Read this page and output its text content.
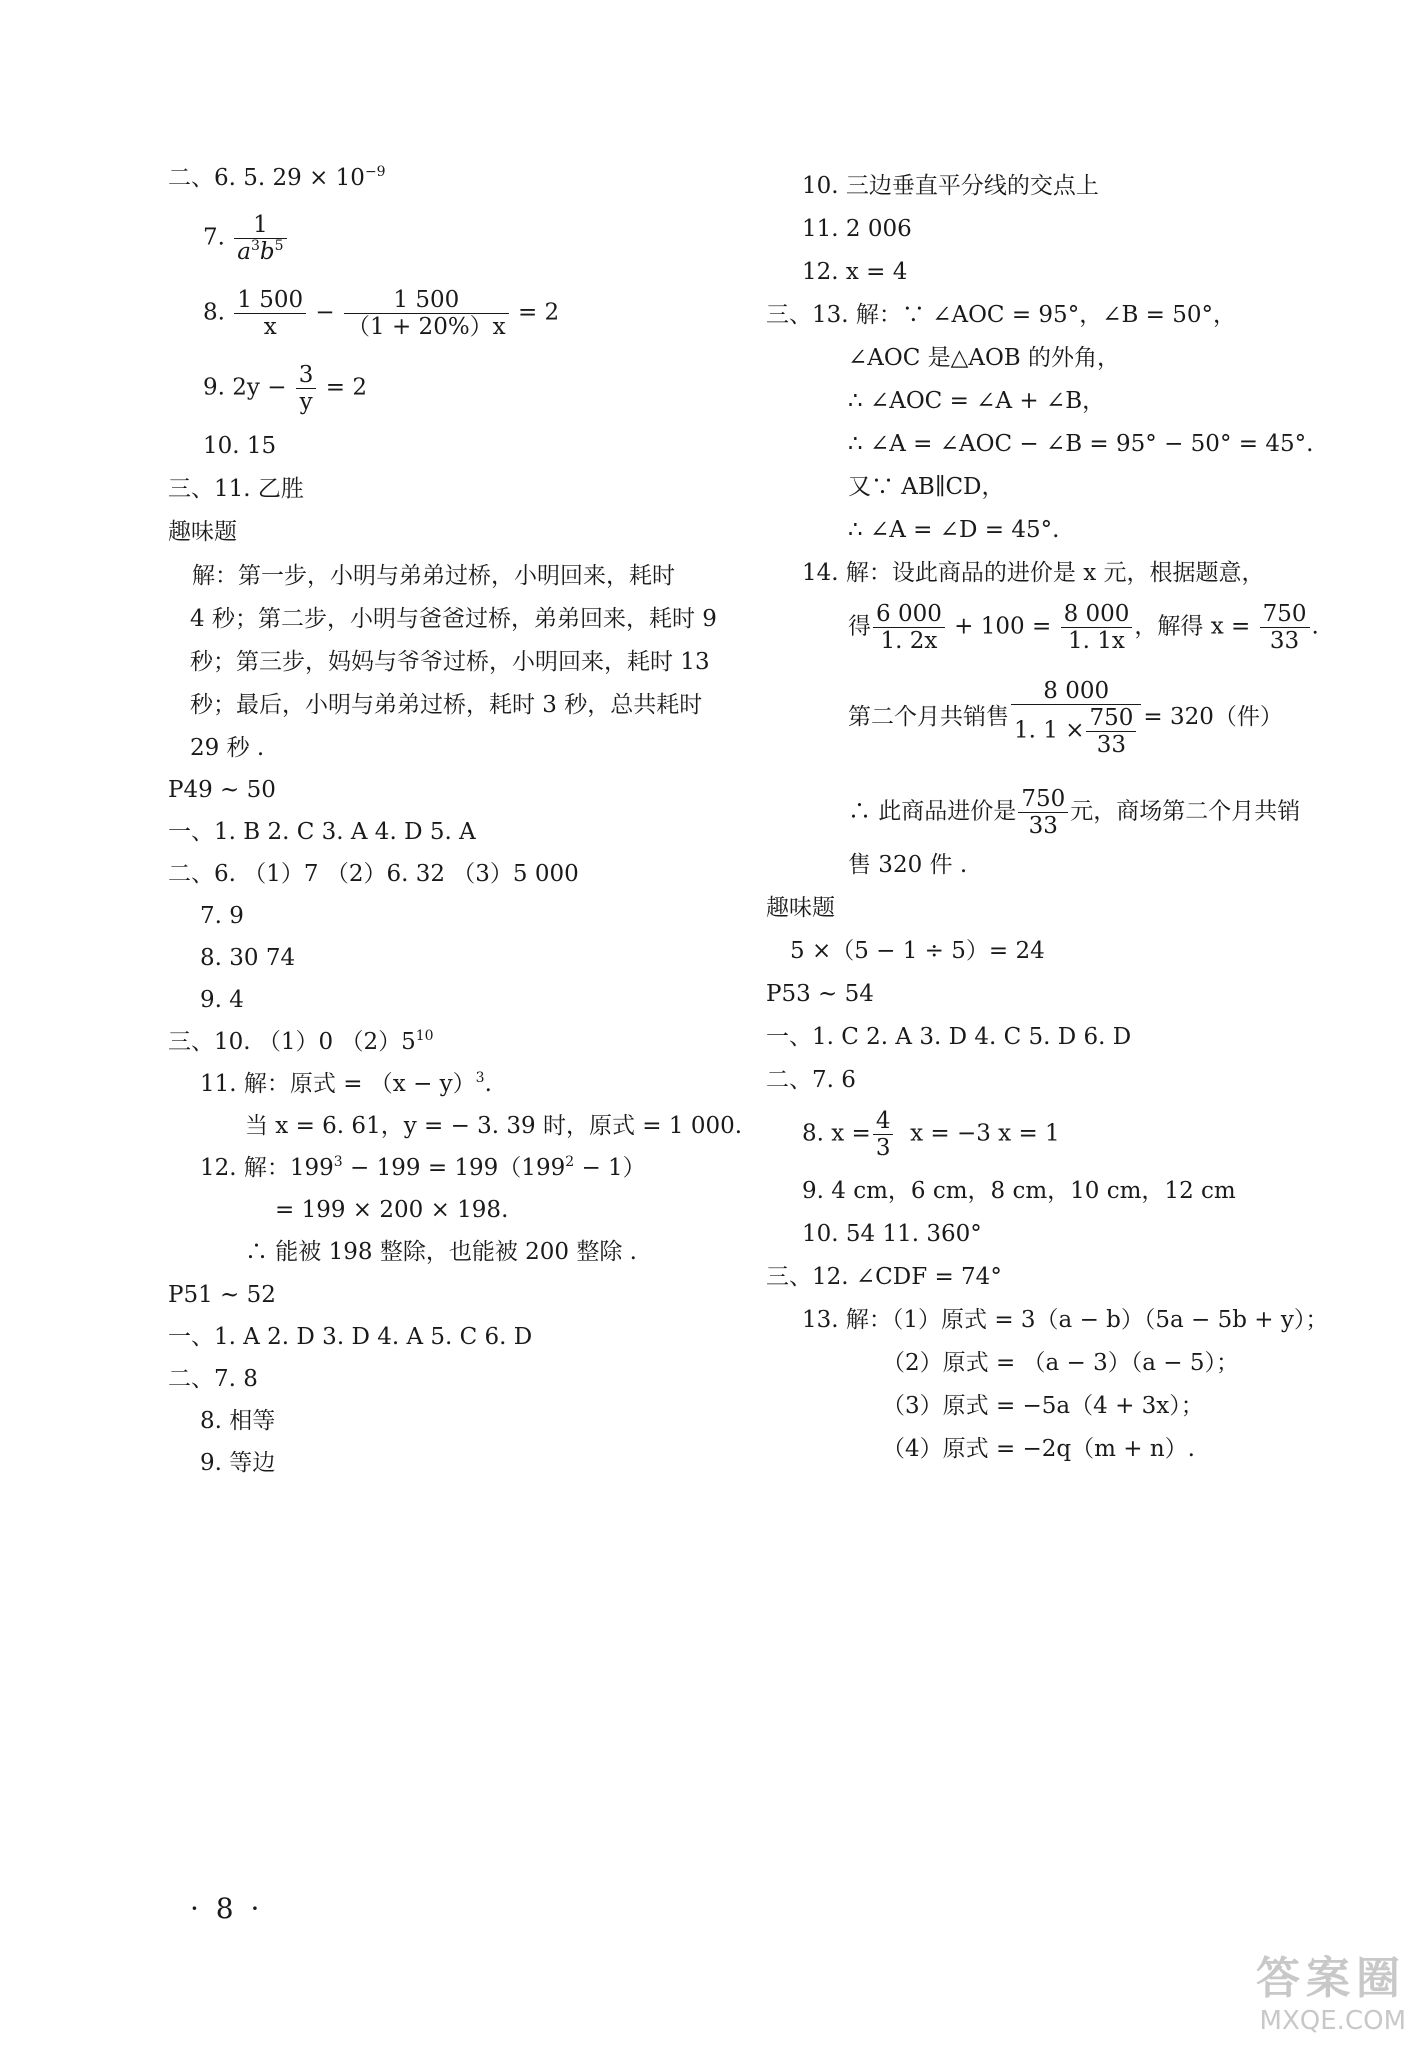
二、6. 5. $29 \times 10^{-9}$
7. $\frac{1}{a^3b^5}$
8. $\frac{1 500}{x} - \frac{1 500}{(1 + 20\%)x} = 2$
9. $2y - \frac{3}{y} = 2$
10. 15
三、11. 乙胜
趣味题
解：第一步，小明与弟弟过桥，小明回来，耗时
4 秒；第二步，小明与爸爸过桥，弟弟回来，耗时 9
秒；第三步，妈妈与爷爷过桥，小明回来，耗时 13
秒；最后，小明与弟弟过桥，耗时 3 秒，总共耗时
29 秒 .
P49 ~ 50
一、1. B 2. C 3. A 4. D 5. A
二、6. （1）7 （2）6. 32 （3）5 000
7. 9
8. 30 74
9. 4
三、10. （1）0 $(2)5^{10}$
11. 解：原式 = $(x - y)^3$.
当 x = 6. 61，y = − 3. 39 时，原式 = 1 000.
12. 解：$199^3 - 199 = 199(199^2 - 1)$
= 199 × 200 × 198.
∴ 能被 198 整除，也能被 200 整除 .
P51 ~ 52
一、1. A 2. D 3. D 4. A 5. C 6. D
二、7. 8
8. 相等
9. 等边
10. 三边垂直平分线的交点上
11. 2 006
12. x = 4
三、13. 解：∵ ∠AOC = 95°，∠B = 50°，
∠AOC 是△AOB 的外角，
∴ ∠AOC = ∠A + ∠B，
∴ ∠A = ∠AOC − ∠B = 95° − 50° = 45°.
又∵ AB∥CD，
∴ ∠A = ∠D = 45°.
14. 解：设此商品的进价是 x 元，根据题意，
得 $\frac{6 000}{1. 2x} + 100 = \frac{8 000}{1. 1x}$ ，解得 $x = \frac{750}{33}$ .
第二个月共销售 $\frac{8 000}{1. 1 \times \frac{750}{33}} = 320$（件）
∴ 此商品进价是 $\frac{750}{33}$ 元，商场第二个月共销
售 320 件 .
趣味题
5 ×（5 − 1 ÷ 5）= 24
P53 ~ 54
一、1. C 2. A 3. D 4. C 5. D 6. D
二、7. 6
8. $x = \frac{4}{3}$ x = −3 x = 1
9. 4 cm，6 cm，8 cm，10 cm，12 cm
10. 54 11. 360°
三、12. ∠CDF = 74°
13. 解：（1）原式 = 3（a − b）（5a − 5b + y）；
（2）原式 = （a − 3）（a − 5）；
（3）原式 = −5a（4 + 3x）；
（4）原式 = −2q（m + n）.
· 8 ·
答案圈
MXQE.COM
